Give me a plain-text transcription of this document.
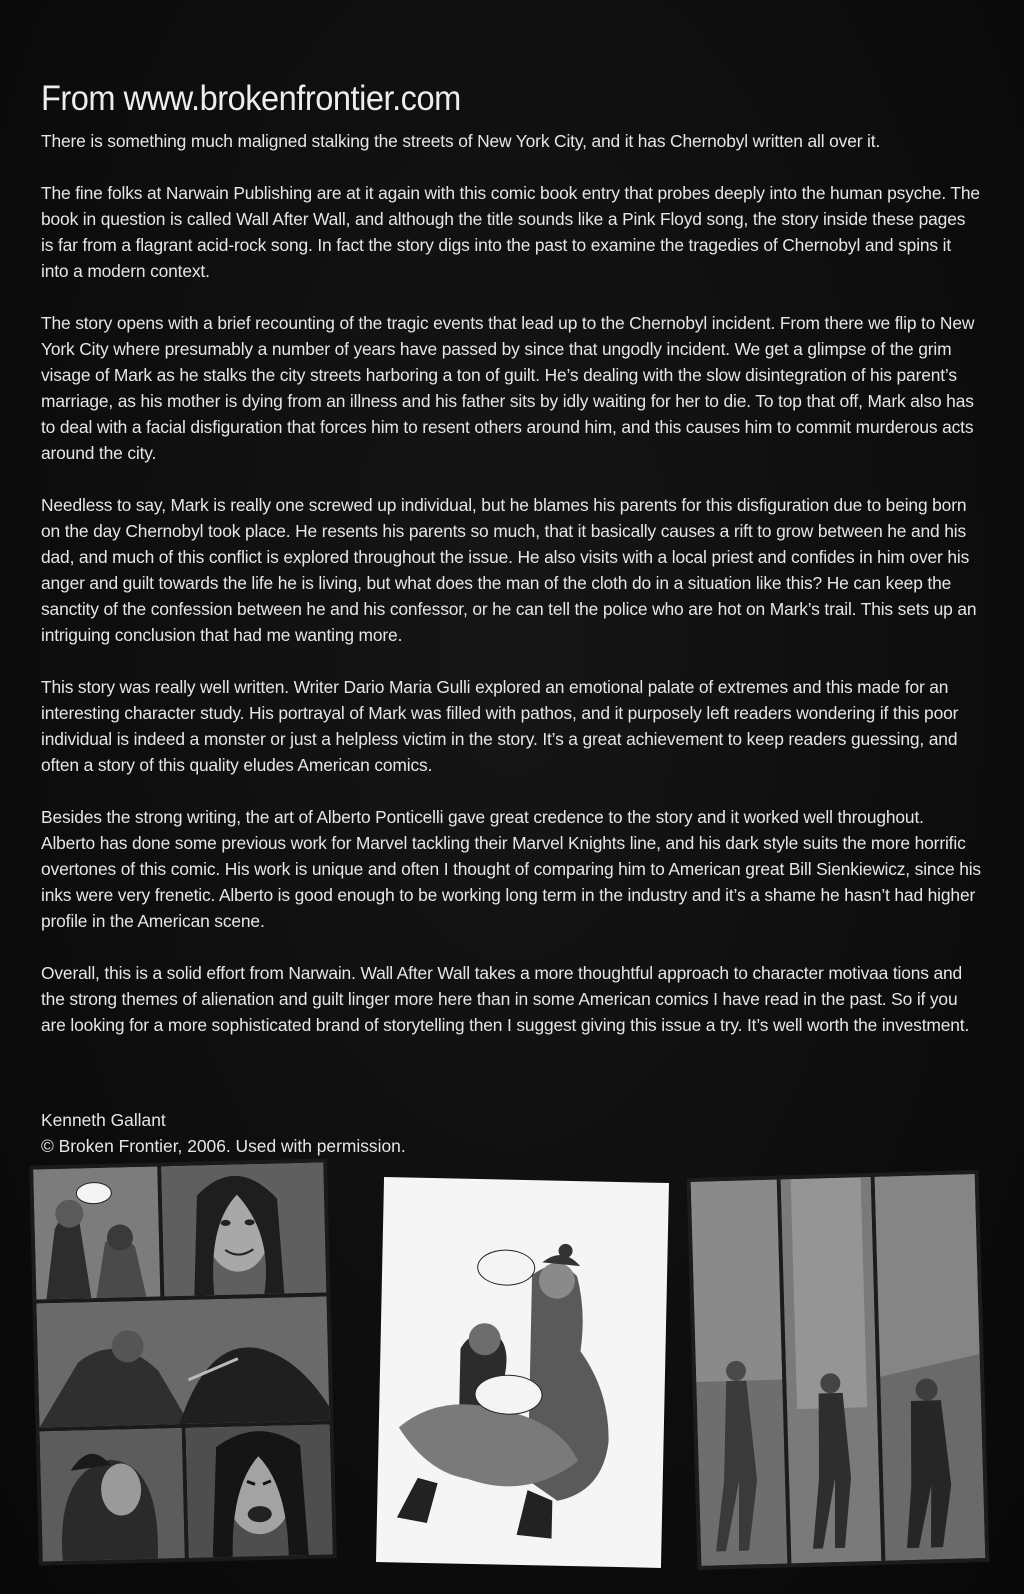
From www.brokenfrontier.com

There is something much maligned stalking the streets of New York City, and it has Chernobyl written all over it.

The fine folks at Narwain Publishing are at it again with this comic book entry that probes deeply into the human psyche. The book in question is called Wall After Wall, and although the title sounds like a Pink Floyd song, the story inside these pages is far from a flagrant acid-rock song. In fact the story digs into the past to examine the tragedies of Chernobyl and spins it into a modern context.

The story opens with a brief recounting of the tragic events that lead up to the Chernobyl incident. From there we flip to New York City where presumably a number of years have passed by since that ungodly incident. We get a glimpse of the grim visage of Mark as he stalks the city streets harboring a ton of guilt. He’s dealing with the slow disintegration of his parent’s marriage, as his mother is dying from an illness and his father sits by idly waiting for her to die. To top that off, Mark also has to deal with a facial disfiguration that forces him to resent others around him, and this causes him to commit murderous acts around the city.

Needless to say, Mark is really one screwed up individual, but he blames his parents for this disfiguration due to being born on the day Chernobyl took place. He resents his parents so much, that it basically causes a rift to grow between he and his dad, and much of this conflict is explored throughout the issue. He also visits with a local priest and confides in him over his anger and guilt towards the life he is living, but what does the man of the cloth do in a situation like this? He can keep the sanctity of the confession between he and his confessor, or he can tell the police who are hot on Mark’s trail. This sets up an intriguing conclusion that had me wanting more.

This story was really well written. Writer Dario Maria Gulli explored an emotional palate of extremes and this made for an interesting character study. His portrayal of Mark was filled with pathos, and it purposely left readers wondering if this poor individual is indeed a monster or just a helpless victim in the story. It’s a great achievement to keep readers guessing, and often a story of this quality eludes American comics.

Besides the strong writing, the art of Alberto Ponticelli gave great credence to the story and it worked well throughout. Alberto has done some previous work for Marvel tackling their Marvel Knights line, and his dark style suits the more horrific overtones of this comic. His work is unique and often I thought of comparing him to American great Bill Sienkiewicz, since his inks were very frenetic. Alberto is good enough to be working long term in the industry and it’s a shame he hasn’t had higher profile in the American scene.

Overall, this is a solid effort from Narwain. Wall After Wall takes a more thoughtful approach to character motivaa tions and the strong themes of alienation and guilt linger more here than in some American comics I have read in the past. So if you are looking for a more sophisticated brand of storytelling then I suggest giving this issue a try. It’s well worth the investment.

Kenneth Gallant
© Broken Frontier, 2006. Used with permission.
